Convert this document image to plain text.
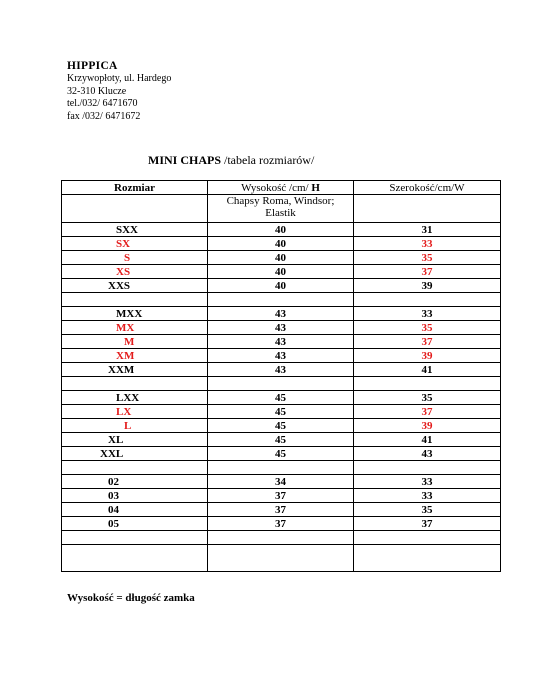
HIPPICA
Krzywopłoty, ul. Hardego
32-310 Klucze
tel./032/ 6471670
fax /032/ 6471672
MINI CHAPS /tabela rozmiarów/
Rozmiar	Wysokość /cm/ H	Szerokość/cm/W
	Chapsy Roma, Windsor; Elastik	
SXX	40	31
SX	40	33
S	40	35
XS	40	37
XXS	40	39

MXX	43	33
MX	43	35
M	43	37
XM	43	39
XXM	43	41

LXX	45	35
LX	45	37
L	45	39
XL	45	41
XXL	45	43

02	34	33
03	37	33
04	37	35
05	37	37

Wysokość = długość zamka
